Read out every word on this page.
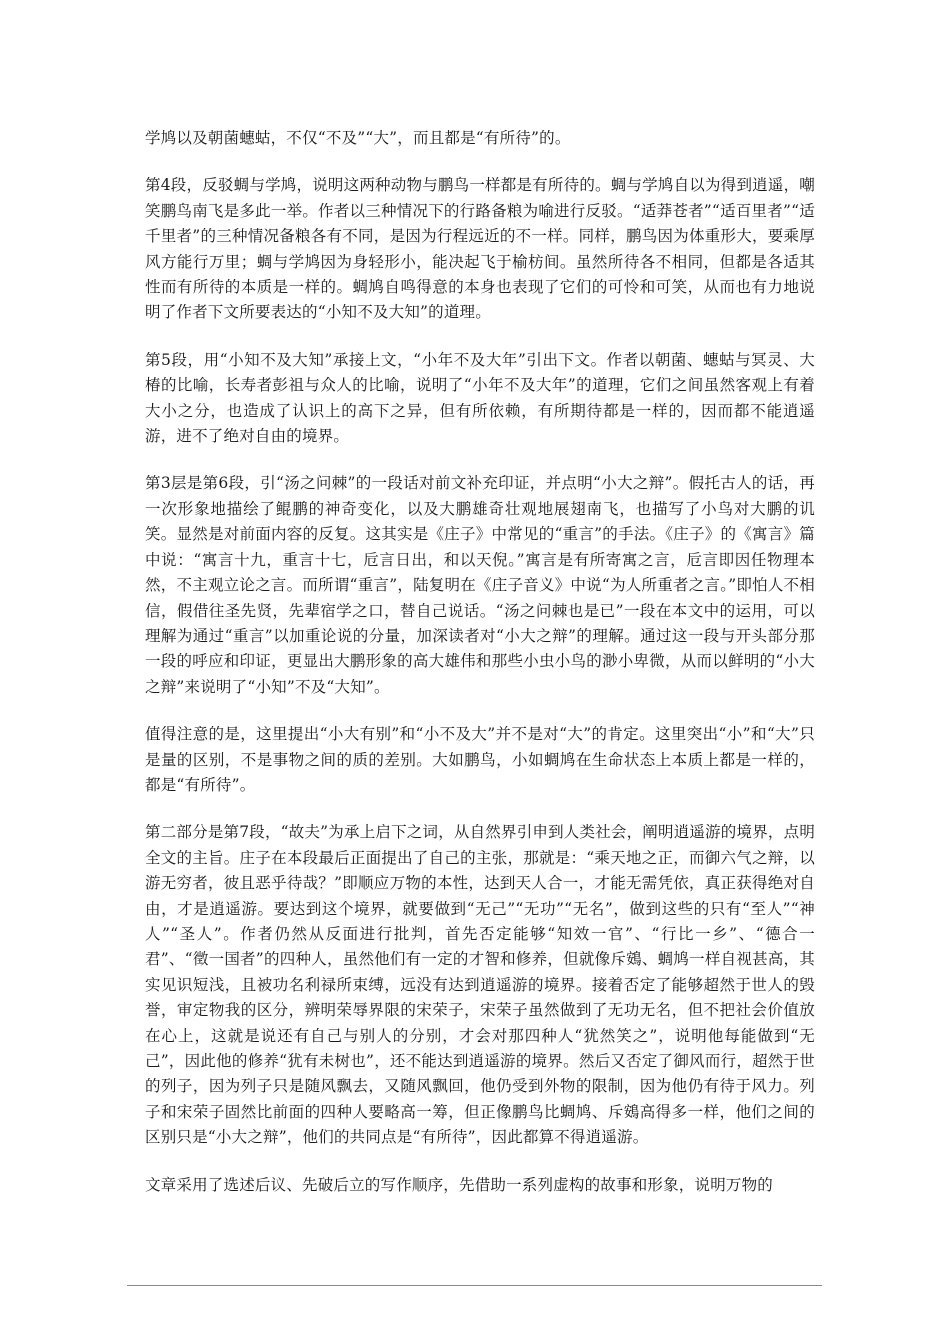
学鸠以及朝菌蟪蛄，不仅“不及”“大”，而且都是“有所待”的。

第4段，反驳蜩与学鸠，说明这两种动物与鹏鸟一样都是有所待的。蜩与学鸠自以为得到逍遥，嘲笑鹏鸟南飞是多此一举。作者以三种情况下的行路备粮为喻进行反驳。“适莽苍者”“适百里者”“适千里者”的三种情况备粮各有不同，是因为行程远近的不一样。同样，鹏鸟因为体重形大，要乘厚风方能行万里；蜩与学鸠因为身轻形小，能决起飞于榆枋间。虽然所待各不相同，但都是各适其性而有所待的本质是一样的。蜩鸠自鸣得意的本身也表现了它们的可怜和可笑，从而也有力地说明了作者下文所要表达的“小知不及大知”的道理。

第5段，用“小知不及大知”承接上文，“小年不及大年”引出下文。作者以朝菌、蟪蛄与冥灵、大椿的比喻，长寿者彭祖与众人的比喻，说明了“小年不及大年”的道理，它们之间虽然客观上有着大小之分，也造成了认识上的高下之异，但有所依赖，有所期待都是一样的，因而都不能逍遥游，进不了绝对自由的境界。

第3层是第6段，引“汤之问棘”的一段话对前文补充印证，并点明“小大之辩”。假托古人的话，再一次形象地描绘了鲲鹏的神奇变化，以及大鹏雄奇壮观地展翅南飞，也描写了小鸟对大鹏的讥笑。显然是对前面内容的反复。这其实是《庄子》中常见的“重言”的手法。《庄子》的《寓言》篇中说：“寓言十九，重言十七，卮言日出，和以天倪。”寓言是有所寄寓之言，卮言即因任物理本然，不主观立论之言。而所谓“重言”，陆复明在《庄子音义》中说“为人所重者之言。”即怕人不相信，假借往圣先贤，先辈宿学之口，替自己说话。“汤之问棘也是已”一段在本文中的运用，可以理解为通过“重言”以加重论说的分量，加深读者对“小大之辩”的理解。通过这一段与开头部分那一段的呼应和印证，更显出大鹏形象的高大雄伟和那些小虫小鸟的渺小卑微，从而以鲜明的“小大之辩”来说明了“小知”不及“大知”。

值得注意的是，这里提出“小大有别”和“小不及大”并不是对“大”的肯定。这里突出“小”和“大”只是量的区别，不是事物之间的质的差别。大如鹏鸟，小如蜩鸠在生命状态上本质上都是一样的，都是“有所待”。

第二部分是第7段，“故夫”为承上启下之词，从自然界引申到人类社会，阐明逍遥游的境界，点明全文的主旨。庄子在本段最后正面提出了自己的主张，那就是：“乘天地之正，而御六气之辩，以游无穷者，彼且恶乎待哉？”即顺应万物的本性，达到天人合一，才能无需凭依，真正获得绝对自由，才是逍遥游。要达到这个境界，就要做到“无己”“无功”“无名”，做到这些的只有“至人”“神人”“圣人”。作者仍然从反面进行批判，首先否定能够“知效一官”、“行比一乡”、“德合一君”、“徵一国者”的四种人，虽然他们有一定的才智和修养，但就像斥鴳、蜩鸠一样自视甚高，其实见识短浅，且被功名利禄所束缚，远没有达到逍遥游的境界。接着否定了能够超然于世人的毁誉，审定物我的区分，辨明荣辱界限的宋荣子，宋荣子虽然做到了无功无名，但不把社会价值放在心上，这就是说还有自己与别人的分别，才会对那四种人“犹然笑之”，说明他每能做到“无己”，因此他的修养“犹有未树也”，还不能达到逍遥游的境界。然后又否定了御风而行，超然于世的列子，因为列子只是随风飘去，又随风飘回，他仍受到外物的限制，因为他仍有待于风力。列子和宋荣子固然比前面的四种人要略高一筹，但正像鹏鸟比蜩鸠、斥鴳高得多一样，他们之间的区别只是“小大之辩”，他们的共同点是“有所待”，因此都算不得逍遥游。

文章采用了选述后议、先破后立的写作顺序，先借助一系列虚构的故事和形象，说明万物的
